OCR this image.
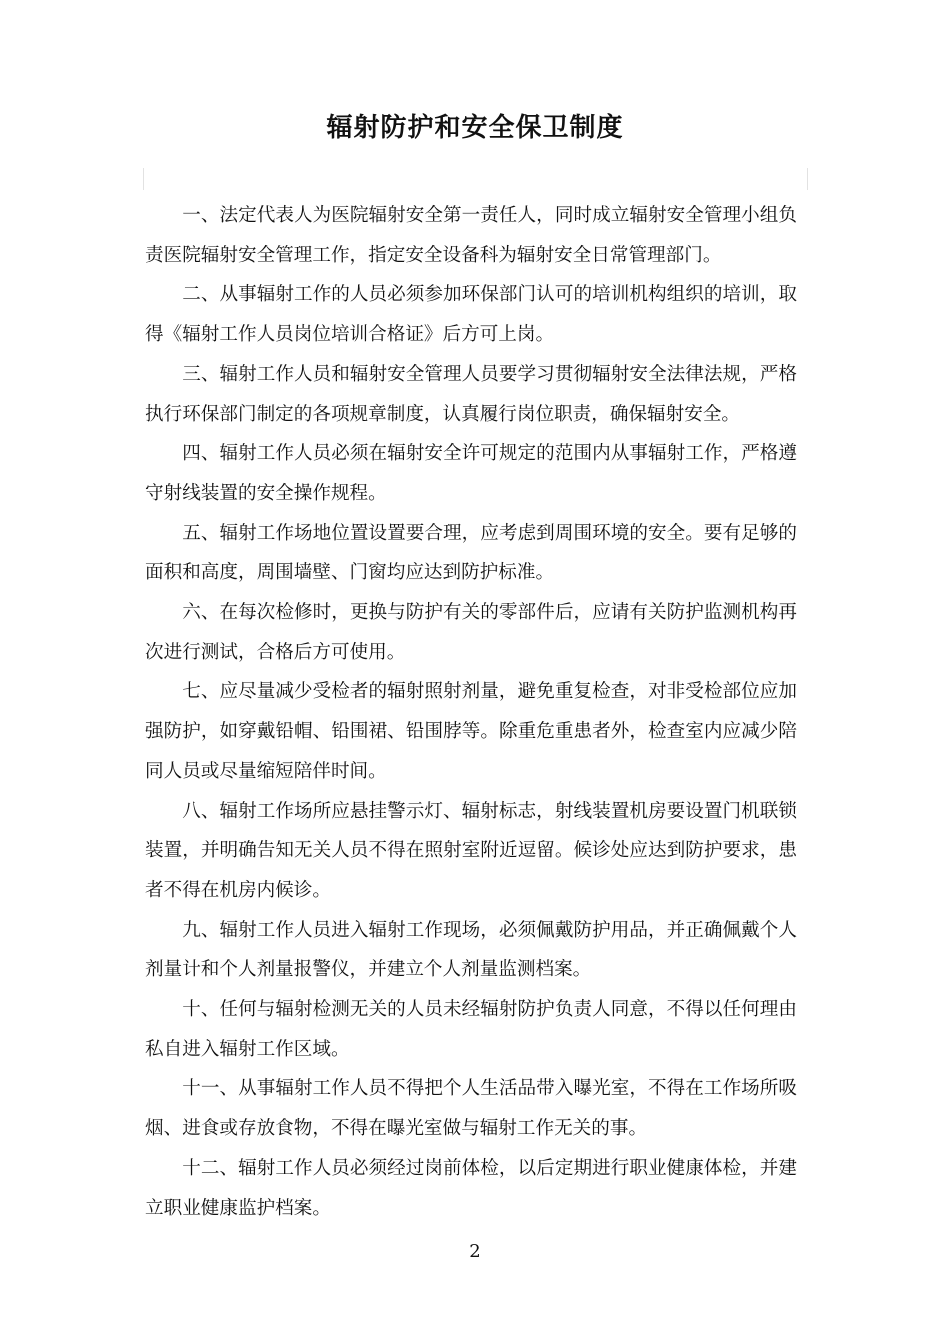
辐射防护和安全保卫制度

一、法定代表人为医院辐射安全第一责任人，同时成立辐射安全管理小组负责医院辐射安全管理工作，指定安全设备科为辐射安全日常管理部门。

二、从事辐射工作的人员必须参加环保部门认可的培训机构组织的培训，取得《辐射工作人员岗位培训合格证》后方可上岗。

三、辐射工作人员和辐射安全管理人员要学习贯彻辐射安全法律法规，严格执行环保部门制定的各项规章制度，认真履行岗位职责，确保辐射安全。

四、辐射工作人员必须在辐射安全许可规定的范围内从事辐射工作，严格遵守射线装置的安全操作规程。

五、辐射工作场地位置设置要合理，应考虑到周围环境的安全。要有足够的面积和高度，周围墙壁、门窗均应达到防护标准。

六、在每次检修时，更换与防护有关的零部件后，应请有关防护监测机构再次进行测试，合格后方可使用。

七、应尽量减少受检者的辐射照射剂量，避免重复检查，对非受检部位应加强防护，如穿戴铅帽、铅围裙、铅围脖等。除重危重患者外，检查室内应减少陪同人员或尽量缩短陪伴时间。

八、辐射工作场所应悬挂警示灯、辐射标志，射线装置机房要设置门机联锁装置，并明确告知无关人员不得在照射室附近逗留。候诊处应达到防护要求，患者不得在机房内候诊。

九、辐射工作人员进入辐射工作现场，必须佩戴防护用品，并正确佩戴个人剂量计和个人剂量报警仪，并建立个人剂量监测档案。

十、任何与辐射检测无关的人员未经辐射防护负责人同意，不得以任何理由私自进入辐射工作区域。

十一、从事辐射工作人员不得把个人生活品带入曝光室，不得在工作场所吸烟、进食或存放食物，不得在曝光室做与辐射工作无关的事。

十二、辐射工作人员必须经过岗前体检，以后定期进行职业健康体检，并建立职业健康监护档案。

2
